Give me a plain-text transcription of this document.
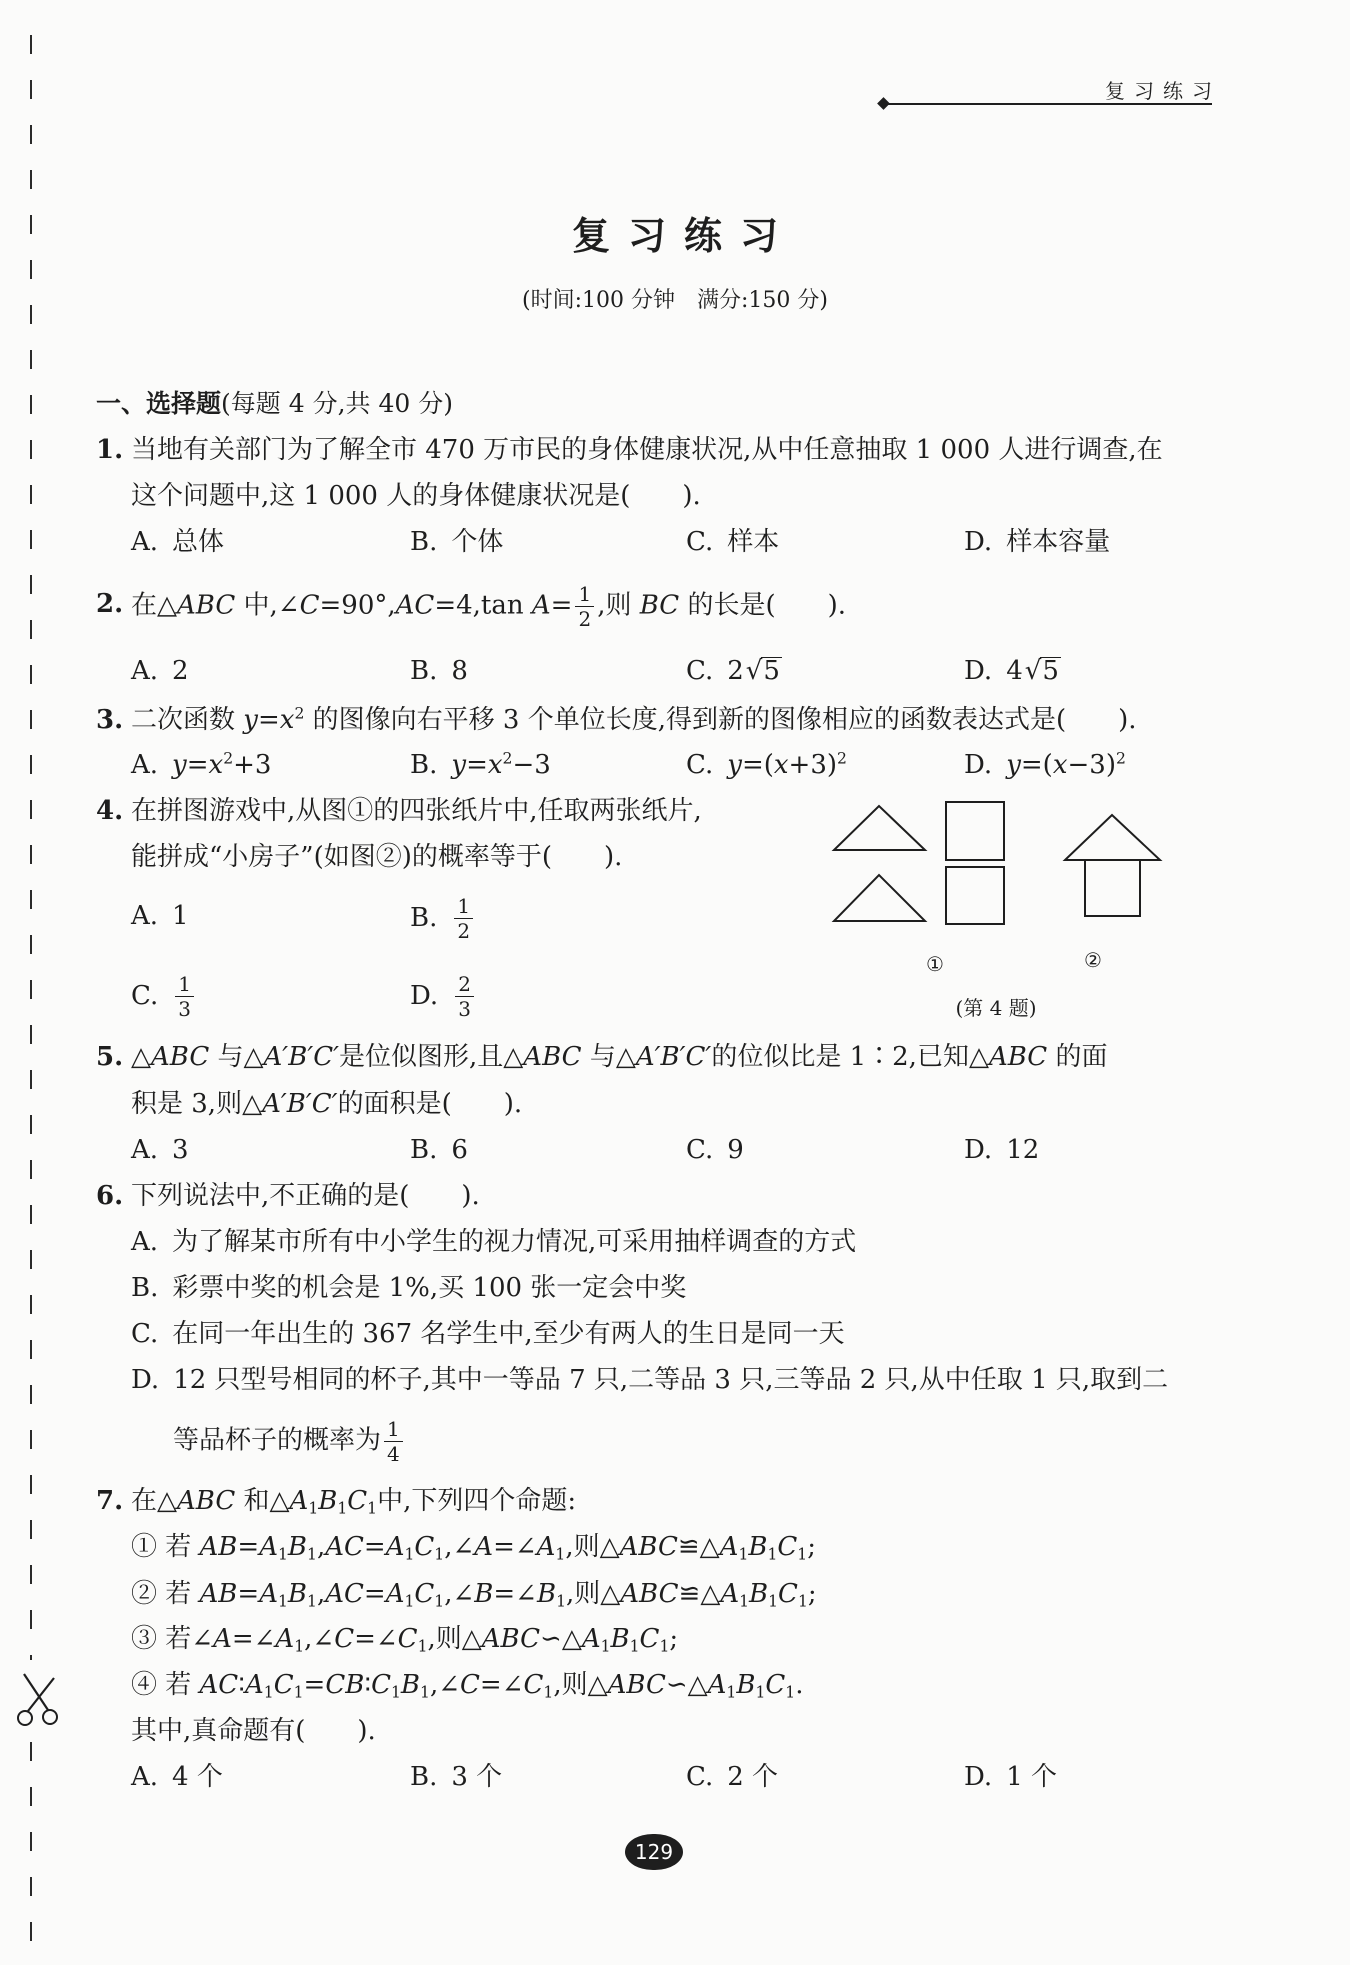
复习练习
复习练习
(时间:100 分钟　满分:150 分)
一、选择题(每题 4 分,共 40 分)
1. 当地有关部门为了解全市 470 万市民的身体健康状况,从中任意抽取 1 000 人进行调查,在
这个问题中,这 1 000 人的身体健康状况是(　　).
A. 总体	B. 个体	C. 样本	D. 样本容量
2. 在△ABC 中,∠C=90°,AC=4,tan $A= \frac{1}{2}$ ,则 BC 的长是(　　).
A. 2	B. 8	C. 2√5	D. 4√5
3. 二次函数 $y=x^2$ 的图像向右平移 3 个单位长度,得到新的图像相应的函数表达式是(　　).
A. $y=x^2+3$	B. $y=x^2-3$	C. $y=(x+3)^2$	D. $y=(x-3)^2$
4. 在拼图游戏中,从图①的四张纸片中,任取两张纸片,
能拼成“小房子”(如图②)的概率等于(　　).
A. 1	B. $\frac{1}{2}$
C. $\frac{1}{3}$	D. $\frac{2}{3}$
①	②
(第 4 题)
5. △ABC 与△A′B′C′是位似图形,且△ABC 与△A′B′C′的位似比是 1∶2,已知△ABC 的面
积是 3,则△A′B′C′的面积是(　　).
A. 3	B. 6	C. 9	D. 12
6. 下列说法中,不正确的是(　　).
A. 为了解某市所有中小学生的视力情况,可采用抽样调查的方式
B. 彩票中奖的机会是 1%,买 100 张一定会中奖
C. 在同一年出生的 367 名学生中,至少有两人的生日是同一天
D. 12 只型号相同的杯子,其中一等品 7 只,二等品 3 只,三等品 2 只,从中任取 1 只,取到二
等品杯子的概率为 $\frac{1}{4}$
7. 在△ABC 和$\triangle A_1B_1C_1$中,下列四个命题:
① 若 $AB=A_1B_1,AC=A_1C_1,\angle A=\angle A_1$,则$\triangle ABC≌\triangle A_1B_1C_1$;
② 若 $AB=A_1B_1,AC=A_1C_1,\angle B=\angle B_1$,则$\triangle ABC≌\triangle A_1B_1C_1$;
③ 若$\angle A=\angle A_1,\angle C=\angle C_1$,则$\triangle ABC∽\triangle A_1B_1C_1$;
④ 若 $AC∶A_1C_1=CB∶C_1B_1,\angle C=\angle C_1$,则$\triangle ABC∽\triangle A_1B_1C_1$.
其中,真命题有(　　).
A. 4 个	B. 3 个	C. 2 个	D. 1 个
129
